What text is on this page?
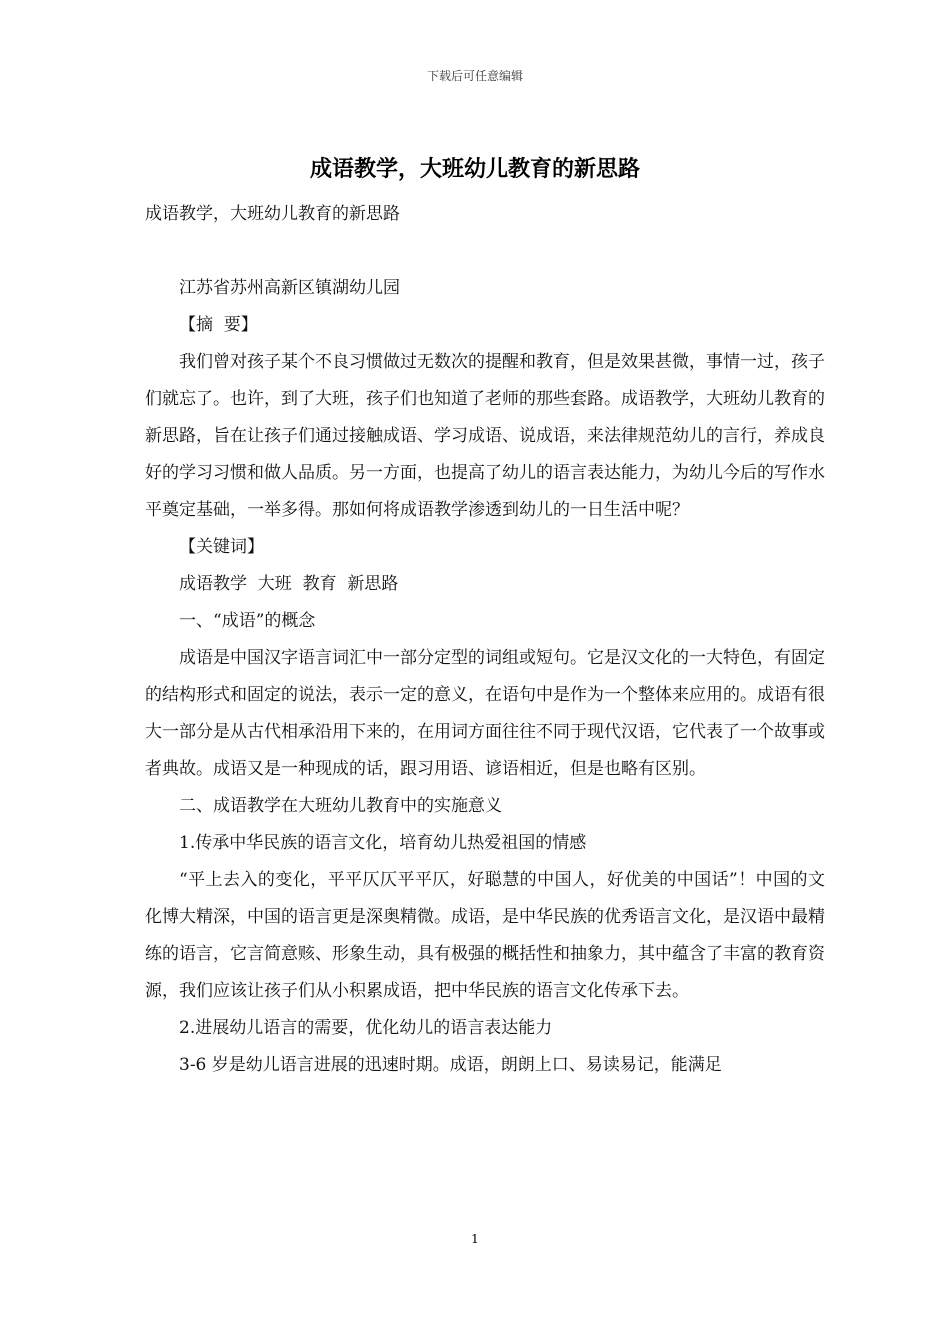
下载后可任意编辑
成语教学，大班幼儿教育的新思路

成语教学，大班幼儿教育的新思路

江苏省苏州高新区镇湖幼儿园

【摘  要】

我们曾对孩子某个不良习惯做过无数次的提醒和教育，但是效果甚微，事情一过，孩子们就忘了。也许，到了大班，孩子们也知道了老师的那些套路。成语教学，大班幼儿教育的新思路，旨在让孩子们通过接触成语、学习成语、说成语，来法律规范幼儿的言行，养成良好的学习习惯和做人品质。另一方面，也提高了幼儿的语言表达能力，为幼儿今后的写作水平奠定基础，一举多得。那如何将成语教学渗透到幼儿的一日生活中呢？

【关键词】

成语教学  大班  教育  新思路

一、“成语”的概念

成语是中国汉字语言词汇中一部分定型的词组或短句。它是汉文化的一大特色，有固定的结构形式和固定的说法，表示一定的意义，在语句中是作为一个整体来应用的。成语有很大一部分是从古代相承沿用下来的，在用词方面往往不同于现代汉语，它代表了一个故事或者典故。成语又是一种现成的话，跟习用语、谚语相近，但是也略有区别。

二、成语教学在大班幼儿教育中的实施意义

1.传承中华民族的语言文化，培育幼儿热爱祖国的情感

“平上去入的变化，平平仄仄平平仄，好聪慧的中国人，好优美的中国话”！中国的文化博大精深，中国的语言更是深奥精微。成语，是中华民族的优秀语言文化，是汉语中最精练的语言，它言简意赅、形象生动，具有极强的概括性和抽象力，其中蕴含了丰富的教育资源，我们应该让孩子们从小积累成语，把中华民族的语言文化传承下去。

2.进展幼儿语言的需要，优化幼儿的语言表达能力

3-6 岁是幼儿语言进展的迅速时期。成语，朗朗上口、易读易记，能满足

1
